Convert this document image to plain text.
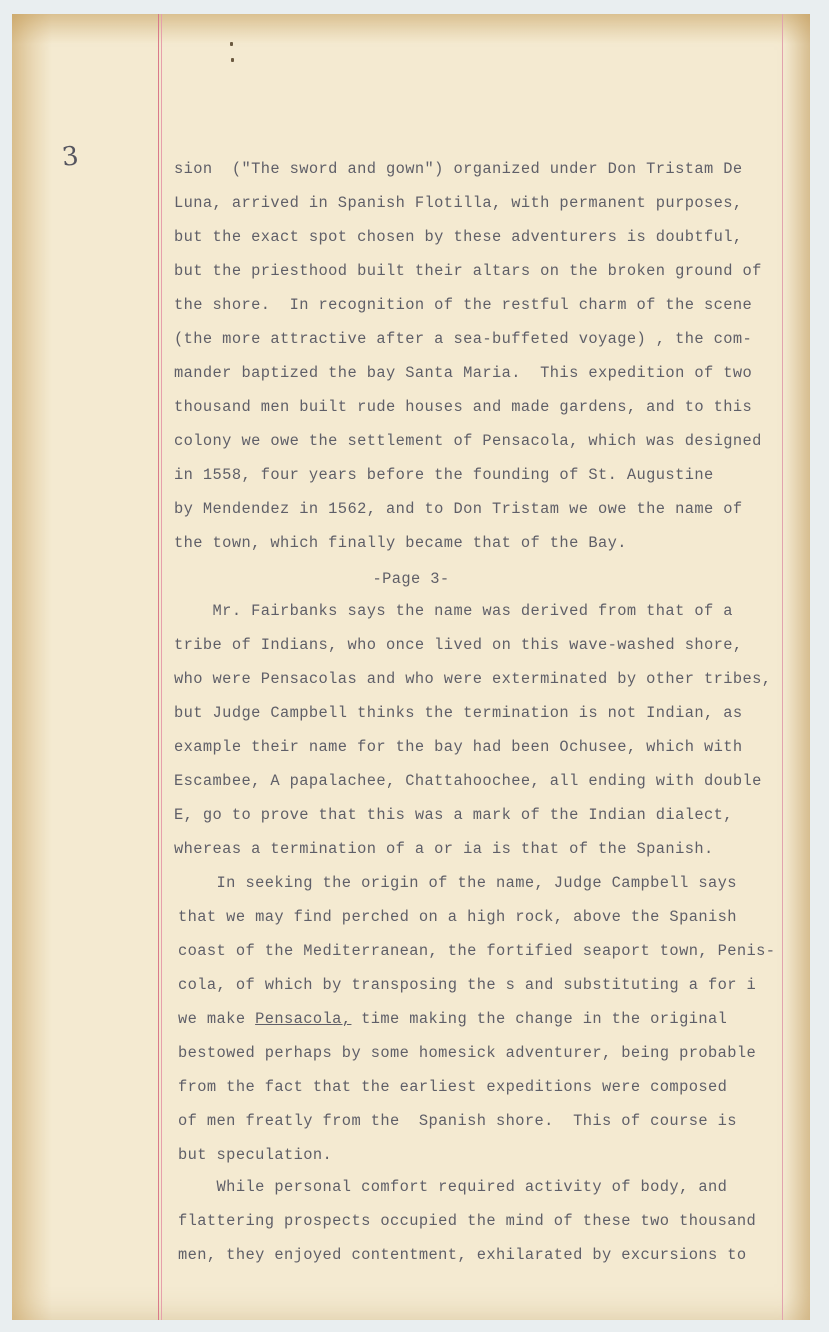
3	sion  ("The sword and gown") organized under Don Tristam De

Luna, arrived in Spanish Flotilla, with permanent purposes,

but the exact spot chosen by these adventurers is doubtful,

but the priesthood built their altars on the broken ground of

the shore.  In recognition of the restful charm of the scene

(the more attractive after a sea-buffeted voyage) , the com-

mander baptized the bay Santa Maria.  This expedition of two

thousand men built rude houses and made gardens, and to this

colony we owe the settlement of Pensacola, which was designed

in 1558, four years before the founding of St. Augustine

by Mendendez in 1562, and to Don Tristam we owe the name of

the town, which finally became that of the Bay.

-Page 3-

Mr. Fairbanks says the name was derived from that of a

tribe of Indians, who once lived on this wave-washed shore,

who were Pensacolas and who were exterminated by other tribes,

but Judge Campbell thinks the termination is not Indian, as

example their name for the bay had been Ochusee, which with

Escambee, A papalachee, Chattahoochee, all ending with double

E, go to prove that this was a mark of the Indian dialect,

whereas a termination of a or ia is that of the Spanish.

In seeking the origin of the name, Judge Campbell says

that we may find perched on a high rock, above the Spanish

coast of the Mediterranean, the fortified seaport town, Penis-

cola, of which by transposing the s and substituting a for i

we make Pensacola, time making the change in the original

bestowed perhaps by some homesick adventurer, being probable

from the fact that the earliest expeditions were composed

of men freatly from the  Spanish shore.  This of course is

but speculation.

While personal comfort required activity of body, and

flattering prospects occupied the mind of these two thousand

men, they enjoyed contentment, exhilarated by excursions to
